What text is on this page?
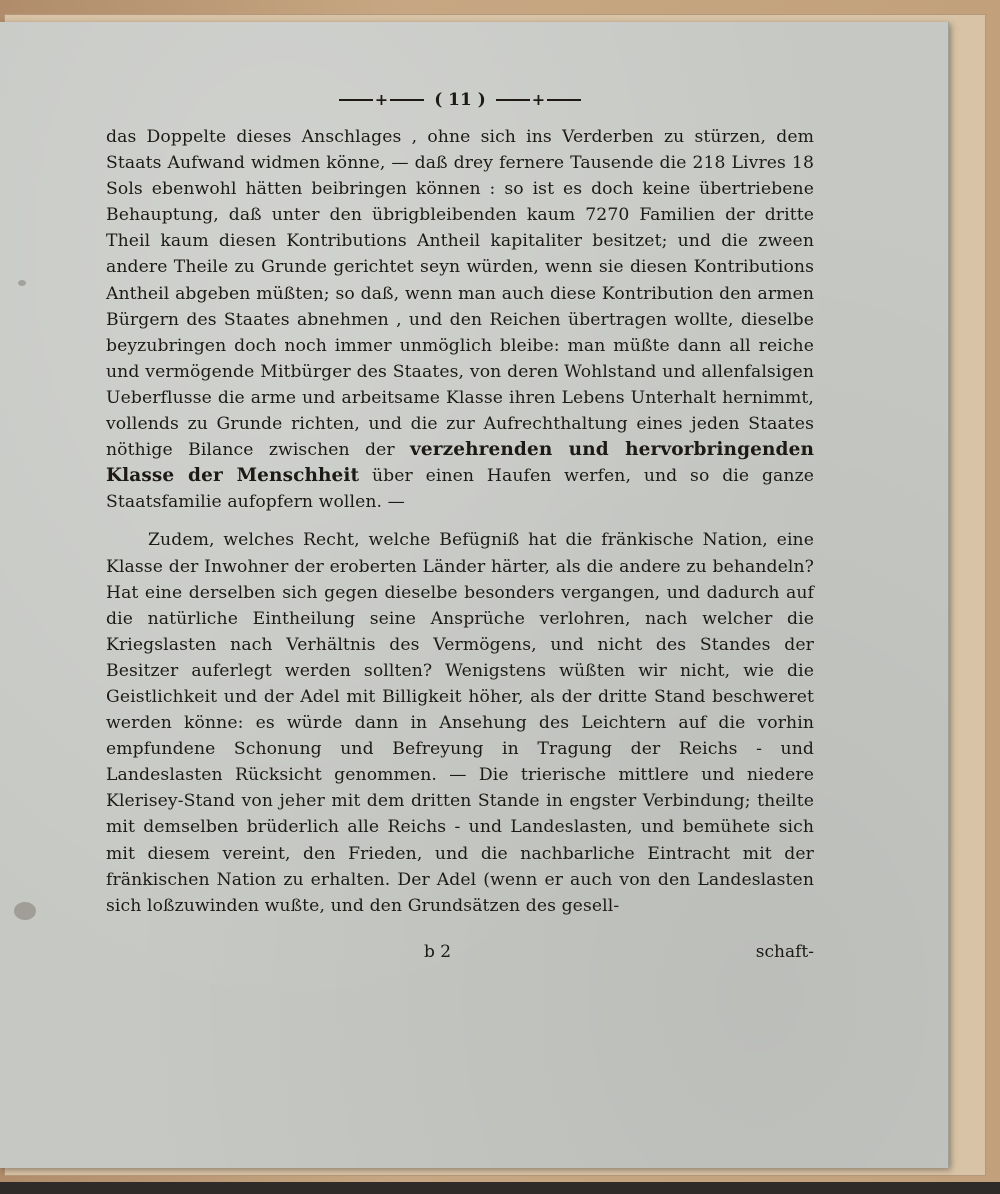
+	( 11 )	+

das Doppelte dieses Anschlages , ohne sich ins Verderben zu stürzen, dem Staats Aufwand widmen könne, — daß drey fernere Tausende die 218 Livres 18 Sols ebenwohl hätten beibringen können : so ist es doch keine übertriebene Behauptung, daß unter den übrigbleibenden kaum 7270 Familien der dritte Theil kaum diesen Kontributions Antheil kapitaliter besitzet; und die zween andere Theile zu Grunde gerichtet seyn würden, wenn sie diesen Kontributions Antheil abgeben müßten; so daß, wenn man auch diese Kontribution den armen Bürgern des Staates abnehmen , und den Reichen übertragen wollte, dieselbe beyzubringen doch noch immer unmöglich bleibe: man müßte dann all reiche und vermögende Mitbürger des Staates, von deren Wohlstand und allenfalsigen Ueberflusse die arme und arbeitsame Klasse ihren Lebens Unterhalt hernimmt, vollends zu Grunde richten, und die zur Aufrechthaltung eines jeden Staates nöthige Bilance zwischen der verzehrenden und hervorbringenden Klasse der Menschheit über einen Haufen werfen, und so die ganze Staatsfamilie aufopfern wollen. —

Zudem, welches Recht, welche Befügniß hat die fränkische Nation, eine Klasse der Inwohner der eroberten Länder härter, als die andere zu behandeln? Hat eine derselben sich gegen dieselbe besonders vergangen, und dadurch auf die natürliche Eintheilung seine Ansprüche verlohren, nach welcher die Kriegslasten nach Verhältnis des Vermögens, und nicht des Standes der Besitzer auferlegt werden sollten? Wenigstens wüßten wir nicht, wie die Geistlichkeit und der Adel mit Billigkeit höher, als der dritte Stand beschweret werden könne: es würde dann in Ansehung des Leichtern auf die vorhin empfundene Schonung und Befreyung in Tragung der Reichs - und Landeslasten Rücksicht genommen. — Die trierische mittlere und niedere Klerisey-Stand von jeher mit dem dritten Stande in engster Verbindung; theilte mit demselben brüderlich alle Reichs - und Landeslasten, und bemühete sich mit diesem vereint, den Frieden, und die nachbarliche Eintracht mit der fränkischen Nation zu erhalten. Der Adel (wenn er auch von den Landeslasten sich loßzuwinden wußte, und den Grundsätzen des gesell-

b 2	schaft-
